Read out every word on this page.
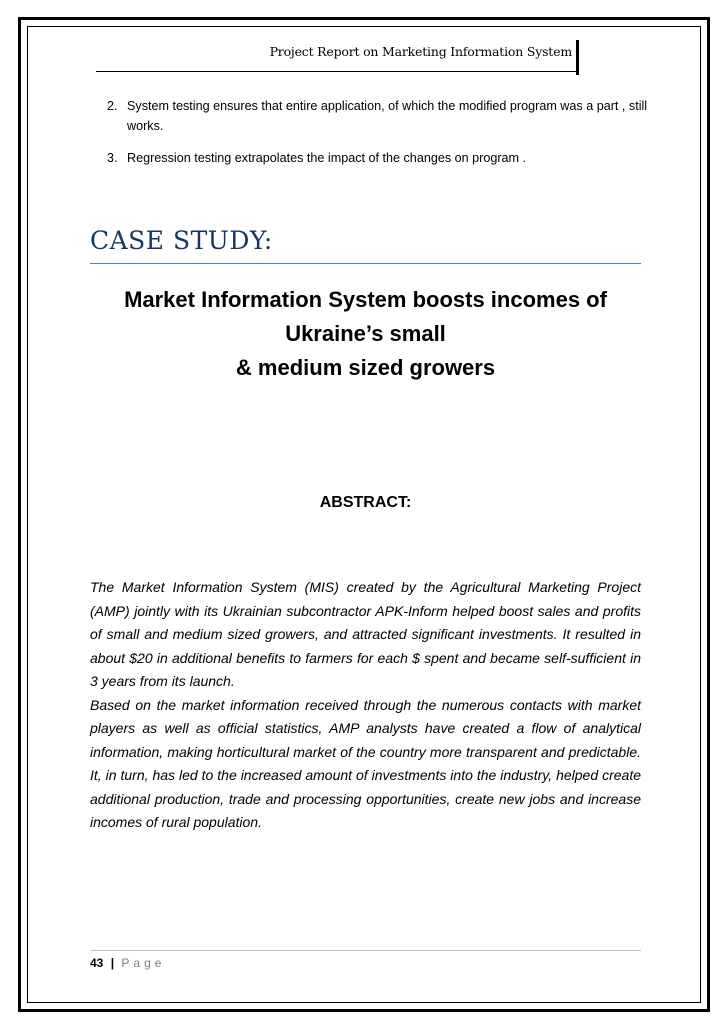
Project Report on Marketing Information System
2. System testing ensures that entire application, of which the modified program was a part , still works.
3. Regression testing extrapolates the impact of the changes on program .
CASE STUDY:
Market Information System boosts incomes of
Ukraine’s small
& medium sized growers
ABSTRACT:

The Market Information System (MIS) created by the Agricultural Marketing Project (AMP) jointly with its Ukrainian subcontractor APK-Inform helped boost sales and profits of small and medium sized growers, and attracted significant investments. It resulted in about $20 in additional benefits to farmers for each $ spent and became self-sufficient in 3 years from its launch.

Based on the market information received through the numerous contacts with market players as well as official statistics, AMP analysts have created a flow of analytical information, making horticultural market of the country more transparent and predictable. It, in turn, has led to the increased amount of investments into the industry, helped create additional production, trade and processing opportunities, create new jobs and increase incomes of rural population.

43 | Page
